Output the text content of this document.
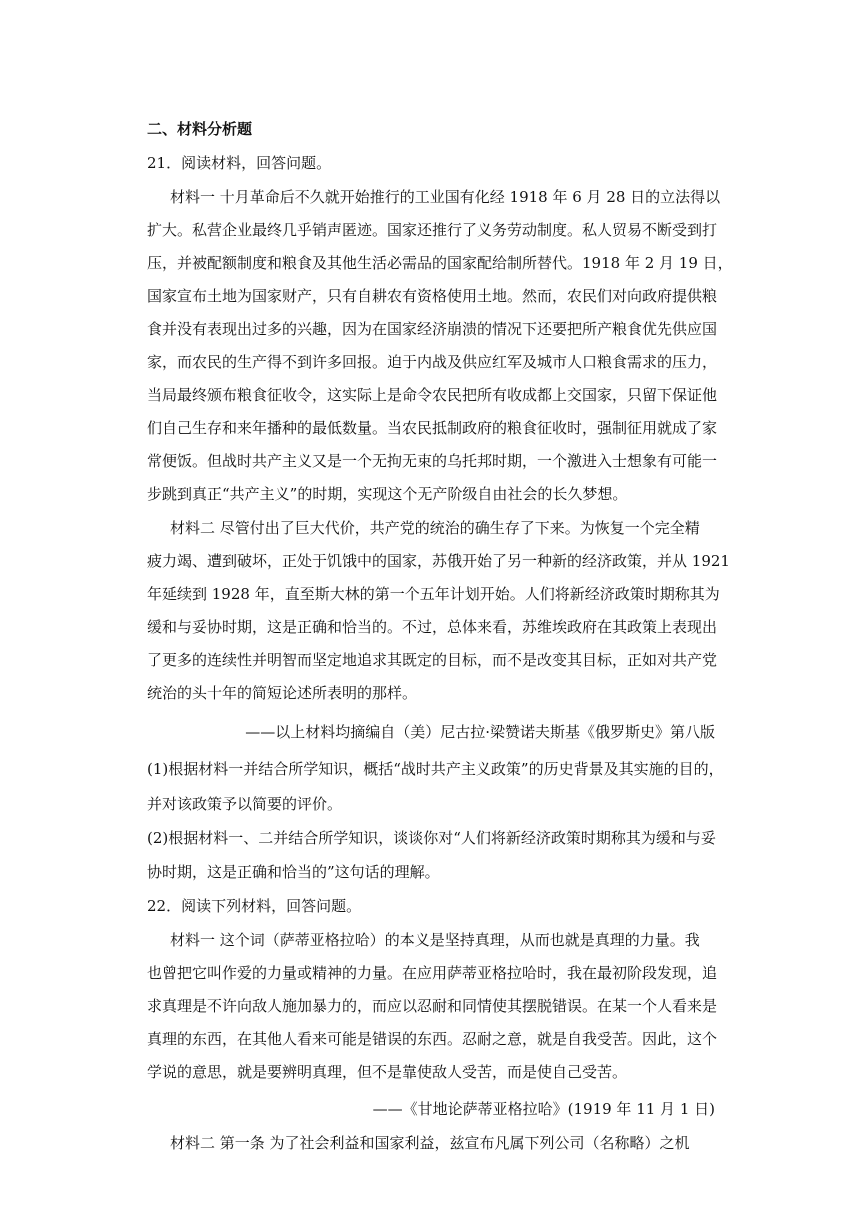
二、材料分析题
21．阅读材料，回答问题。
材料一 十月革命后不久就开始推行的工业国有化经 1918 年 6 月 28 日的立法得以
扩大。私营企业最终几乎销声匿迹。国家还推行了义务劳动制度。私人贸易不断受到打
压，并被配额制度和粮食及其他生活必需品的国家配给制所替代。1918 年 2 月 19 日，
国家宣布土地为国家财产，只有自耕农有资格使用土地。然而，农民们对向政府提供粮
食并没有表现出过多的兴趣，因为在国家经济崩溃的情况下还要把所产粮食优先供应国
家，而农民的生产得不到许多回报。迫于内战及供应红军及城市人口粮食需求的压力，
当局最终颁布粮食征收令，这实际上是命令农民把所有收成都上交国家，只留下保证他
们自己生存和来年播种的最低数量。当农民抵制政府的粮食征收时，强制征用就成了家
常便饭。但战时共产主义又是一个无拘无束的乌托邦时期，一个激进入士想象有可能一
步跳到真正“共产主义”的时期，实现这个无产阶级自由社会的长久梦想。
材料二 尽管付出了巨大代价，共产党的统治的确生存了下来。为恢复一个完全精
疲力竭、遭到破坏，正处于饥饿中的国家，苏俄开始了另一种新的经济政策，并从 1921
年延续到 1928 年，直至斯大林的第一个五年计划开始。人们将新经济政策时期称其为
缓和与妥协时期，这是正确和恰当的。不过，总体来看，苏维埃政府在其政策上表现出
了更多的连续性并明智而坚定地追求其既定的目标，而不是改变其目标，正如对共产党
统治的头十年的简短论述所表明的那样。
——以上材料均摘编自（美）尼古拉·梁赞诺夫斯基《俄罗斯史》第八版
(1)根据材料一并结合所学知识，概括“战时共产主义政策”的历史背景及其实施的目的，
并对该政策予以简要的评价。
(2)根据材料一、二并结合所学知识，谈谈你对“人们将新经济政策时期称其为缓和与妥
协时期，这是正确和恰当的”这句话的理解。
22．阅读下列材料，回答问题。
材料一 这个词（萨蒂亚格拉哈）的本义是坚持真理，从而也就是真理的力量。我
也曾把它叫作爱的力量或精神的力量。在应用萨蒂亚格拉哈时，我在最初阶段发现，追
求真理是不许向敌人施加暴力的，而应以忍耐和同情使其摆脱错误。在某一个人看来是
真理的东西，在其他人看来可能是错误的东西。忍耐之意，就是自我受苦。因此，这个
学说的意思，就是要辨明真理，但不是靠使敌人受苦，而是使自己受苦。
——《甘地论萨蒂亚格拉哈》(1919 年 11 月 1 日)
材料二 第一条 为了社会利益和国家利益，兹宣布凡属下列公司（名称略）之机
